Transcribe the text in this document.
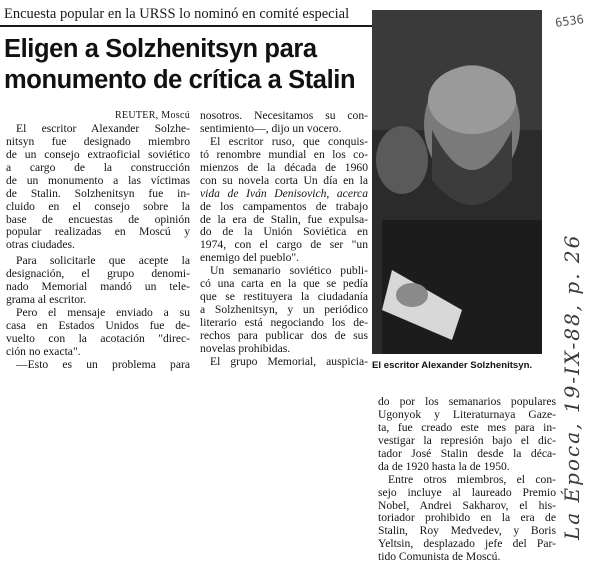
Encuesta popular en la URSS lo nominó en comité especial
Eligen a Solzhenitsyn para
monumento de crítica a Stalin
REUTER, Moscú
El escritor Alexander Solzhe-
nitsyn fue designado miembro
de un consejo extraoficial soviético
a cargo de la construcción
de un monumento a las víctimas
de Stalin. Solzhenitsyn fue in-
cluido en el consejo sobre la
base de encuestas de opinión
popular realizadas en Moscú y
otras ciudades.
Para solicitarle que acepte la
designación, el grupo denomi-
nado Memorial mandó un tele-
grama al escritor.
Pero el mensaje enviado a su
casa en Estados Unidos fue de-
vuelto con la acotación "direc-
ción no exacta".
—Esto es un problema para
nosotros. Necesitamos su con-
sentimiento—, dijo un vocero.
El escritor ruso, que conquis-
tó renombre mundial en los co-
mienzos de la década de 1960
con su novela corta Un día en la
vida de Iván Denisovich, acerca
de los campamentos de trabajo
de la era de Stalin, fue expulsa-
do de la Unión Soviética en
1974, con el cargo de ser "un
enemigo del pueblo".
Un semanario soviético publi-
có una carta en la que se pedía
que se restituyera la ciudadanía
a Solzhenitsyn, y un periódico
literario está negociando los de-
rechos para publicar dos de sus
novelas prohibidas.
El grupo Memorial, auspicia- El escritor Alexander Solzhenitsyn.
do por los semanarios populares
Ugonyok y Literaturnaya Gaze-
ta, fue creado este mes para in-
vestigar la represión bajo el dic-
tador José Stalin desde la déca-
da de 1920 hasta la de 1950.
Entre otros miembros, el con-
sejo incluye al laureado Premio
Nobel, Andrei Sakharov, el his-
toriador prohibido en la era de
Stalin, Roy Medvedev, y Boris
Yeltsin, desplazado jefe del Par-
tido Comunista de Moscú.
6536
La Época, 19-IX-88, p. 26
